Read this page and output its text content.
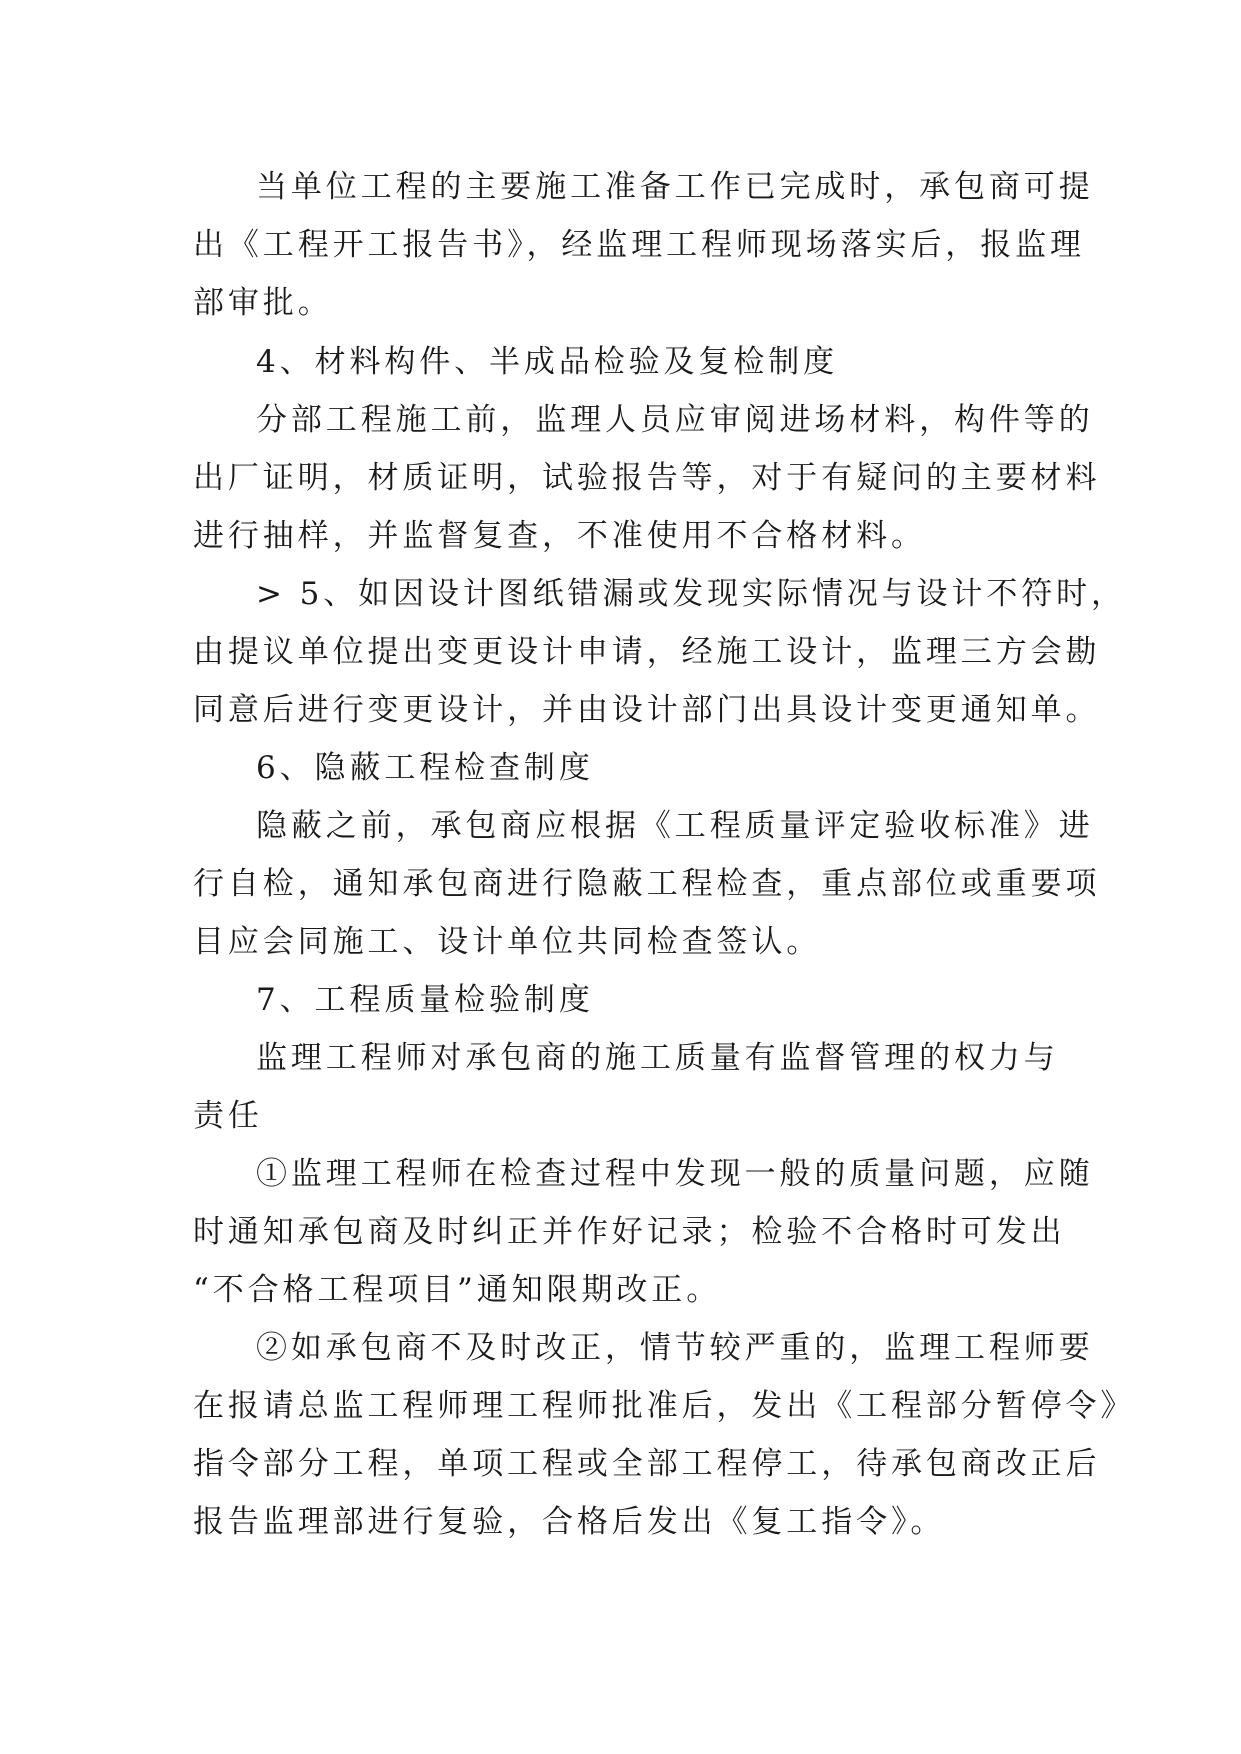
当单位工程的主要施工准备工作已完成时，承包商可提
出《工程开工报告书》，经监理工程师现场落实后，报监理
部审批。
4、材料构件、半成品检验及复检制度
分部工程施工前，监理人员应审阅进场材料，构件等的
出厂证明，材质证明，试验报告等，对于有疑问的主要材料
进行抽样，并监督复查，不准使用不合格材料。
> 5、如因设计图纸错漏或发现实际情况与设计不符时，
由提议单位提出变更设计申请，经施工设计，监理三方会勘
同意后进行变更设计，并由设计部门出具设计变更通知单。
6、隐蔽工程检查制度
隐蔽之前，承包商应根据《工程质量评定验收标准》进
行自检，通知承包商进行隐蔽工程检查，重点部位或重要项
目应会同施工、设计单位共同检查签认。
7、工程质量检验制度
监理工程师对承包商的施工质量有监督管理的权力与
责任
①监理工程师在检查过程中发现一般的质量问题，应随
时通知承包商及时纠正并作好记录；检验不合格时可发出
“不合格工程项目”通知限期改正。
②如承包商不及时改正，情节较严重的，监理工程师要
在报请总监工程师理工程师批准后，发出《工程部分暂停令》
指令部分工程，单项工程或全部工程停工，待承包商改正后
报告监理部进行复验，合格后发出《复工指令》。
